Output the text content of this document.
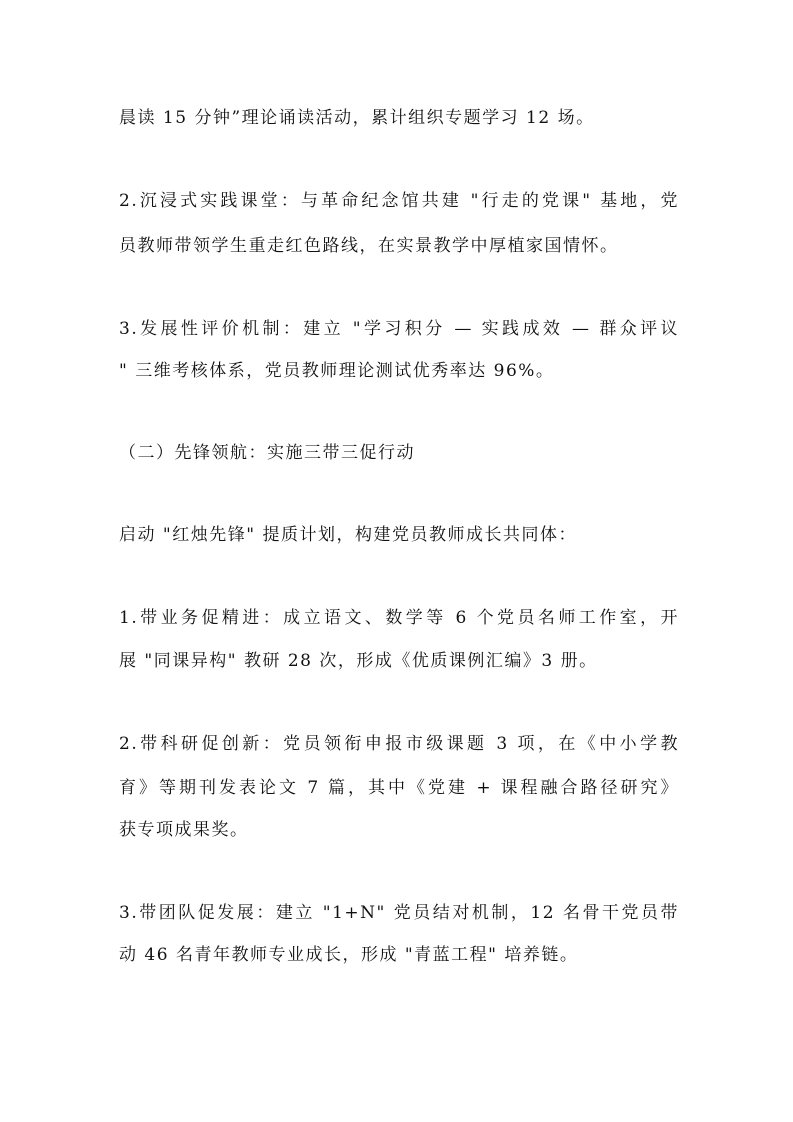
晨读 15 分钟”理论诵读活动，累计组织专题学习 12 场。

2.沉浸式实践课堂：与革命纪念馆共建 "行走的党课" 基地，党

员教师带领学生重走红色路线，在实景教学中厚植家国情怀。

3.发展性评价机制：建立 "学习积分 — 实践成效 — 群众评议

" 三维考核体系，党员教师理论测试优秀率达 96%。

（二）先锋领航：实施三带三促行动

启动 "红烛先锋" 提质计划，构建党员教师成长共同体：

1.带业务促精进：成立语文、数学等 6 个党员名师工作室，开

展 "同课异构" 教研 28 次，形成《优质课例汇编》3 册。

2.带科研促创新：党员领衔申报市级课题 3 项，在《中小学教

育》等期刊发表论文 7 篇，其中《党建 + 课程融合路径研究》

获专项成果奖。

3.带团队促发展：建立 "1+N" 党员结对机制，12 名骨干党员带

动 46 名青年教师专业成长，形成 "青蓝工程" 培养链。
